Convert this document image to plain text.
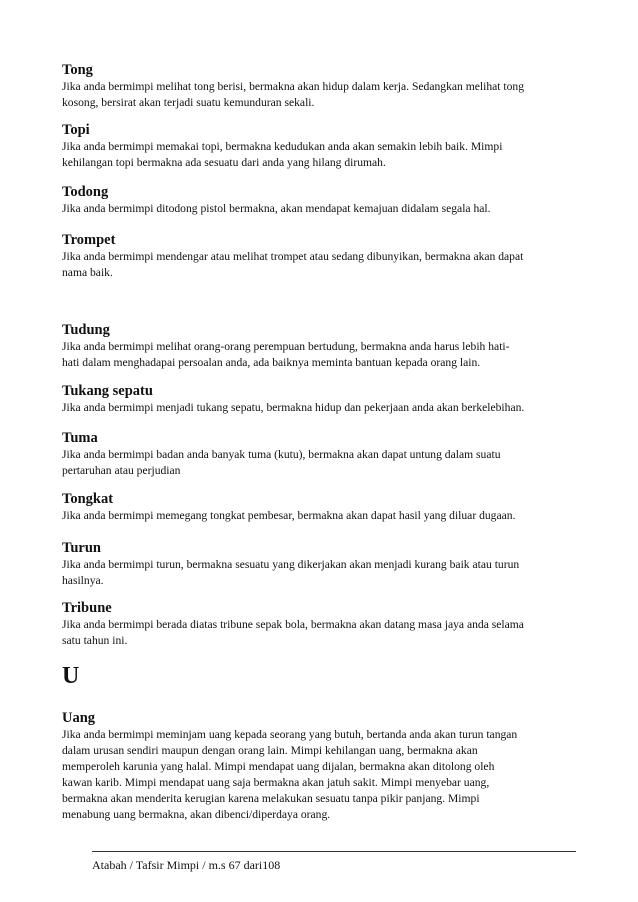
Tong

Jika anda bermimpi melihat tong berisi, bermakna akan hidup dalam kerja. Sedangkan melihat tong

kosong, bersirat akan terjadi suatu kemunduran sekali.

Topi

Jika anda bermimpi memakai topi, bermakna kedudukan anda akan semakin lebih baik. Mimpi

kehilangan topi bermakna ada sesuatu dari anda yang hilang dirumah.

Todong

Jika anda bermimpi ditodong pistol bermakna, akan mendapat kemajuan didalam segala hal.

Trompet

Jika anda bermimpi mendengar atau melihat trompet atau sedang dibunyikan, bermakna akan dapat

nama baik.

Tudung

Jika anda bermimpi melihat orang-orang perempuan bertudung, bermakna anda harus lebih hati-

hati dalam menghadapai persoalan anda, ada baiknya meminta bantuan kepada orang lain.

Tukang sepatu

Jika anda bermimpi menjadi tukang sepatu, bermakna hidup dan pekerjaan anda akan berkelebihan.

Tuma

Jika anda bermimpi badan anda banyak tuma (kutu), bermakna akan dapat untung dalam suatu

pertaruhan atau perjudian

Tongkat

Jika anda bermimpi memegang tongkat pembesar, bermakna akan dapat hasil yang diluar dugaan.

Turun

Jika anda bermimpi turun, bermakna sesuatu yang dikerjakan akan menjadi kurang baik atau turun

hasilnya.

Tribune

Jika anda bermimpi berada diatas tribune sepak bola, bermakna akan datang masa jaya anda selama

satu tahun ini.

U

Uang

Jika anda bermimpi meminjam uang kepada seorang yang butuh, bertanda anda akan turun tangan

dalam urusan sendiri maupun dengan orang lain. Mimpi kehilangan uang, bermakna akan

memperoleh karunia yang halal. Mimpi mendapat uang dijalan, bermakna akan ditolong oleh

kawan karib. Mimpi mendapat uang saja bermakna akan jatuh sakit. Mimpi menyebar uang,

bermakna akan menderita kerugian karena melakukan sesuatu tanpa pikir panjang. Mimpi

menabung uang bermakna, akan dibenci/diperdaya orang.

Atabah / Tafsir Mimpi / m.s 67 dari108
